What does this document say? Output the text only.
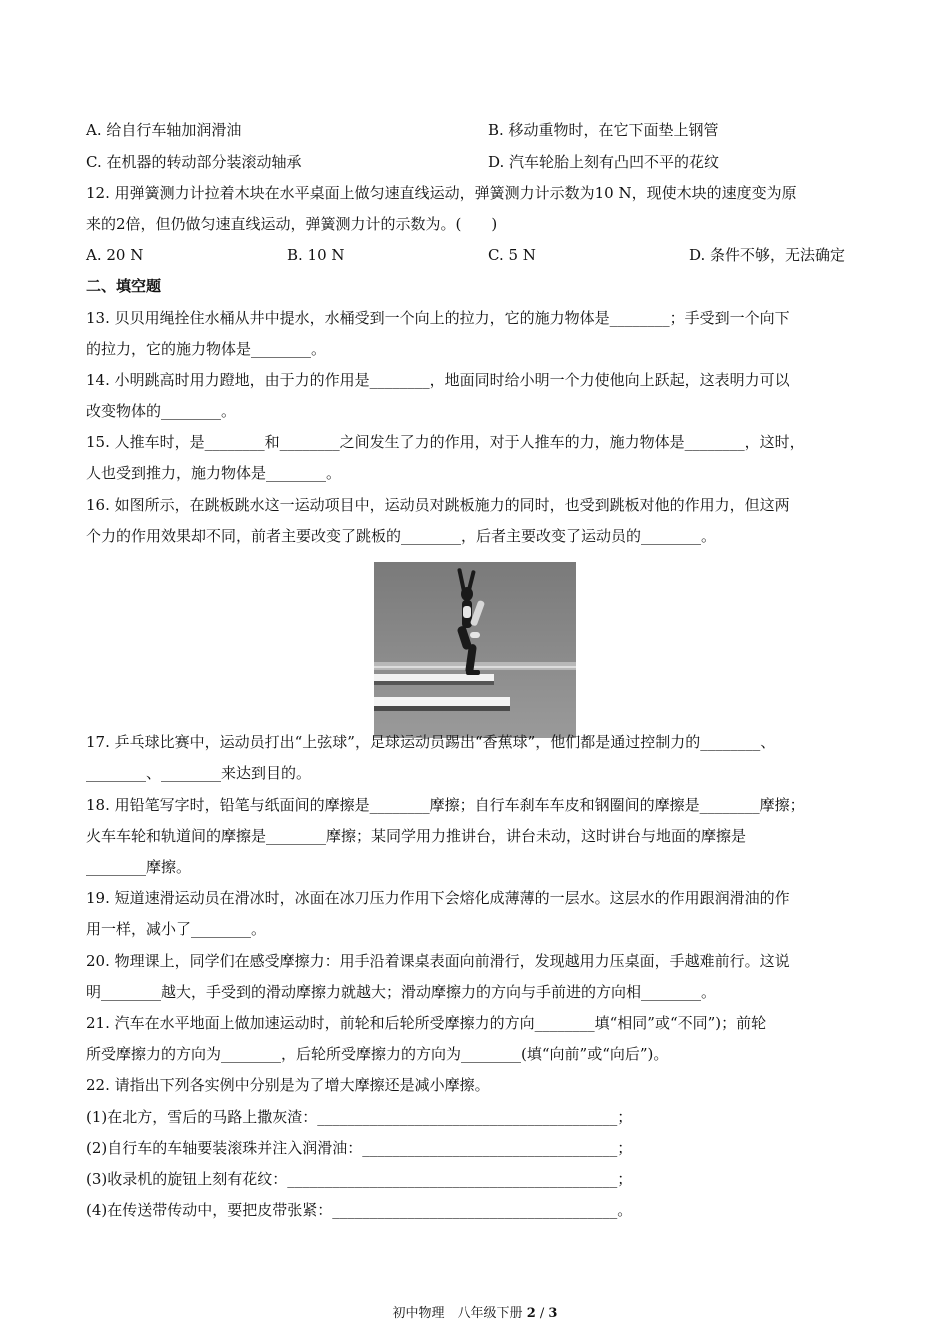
A. 给自行车轴加润滑油	B. 移动重物时，在它下面垫上钢管
C. 在机器的转动部分装滚动轴承	D. 汽车轮胎上刻有凸凹不平的花纹
12. 用弹簧测力计拉着木块在水平桌面上做匀速直线运动，弹簧测力计示数为10 N，现使木块的速度变为原
来的2倍，但仍做匀速直线运动，弹簧测力计的示数为。(　　)
A. 20 N	B. 10 N	C. 5 N	D. 条件不够，无法确定
二、填空题
13. 贝贝用绳拴住水桶从井中提水，水桶受到一个向上的拉力，它的施力物体是________；手受到一个向下
的拉力，它的施力物体是________。
14. 小明跳高时用力蹬地，由于力的作用是________，地面同时给小明一个力使他向上跃起，这表明力可以
改变物体的________。
15. 人推车时，是________和________之间发生了力的作用，对于人推车的力，施力物体是________，这时，
人也受到推力，施力物体是________。
16. 如图所示，在跳板跳水这一运动项目中，运动员对跳板施力的同时，也受到跳板对他的作用力，但这两
个力的作用效果却不同，前者主要改变了跳板的________，后者主要改变了运动员的________。
17. 乒乓球比赛中，运动员打出“上弦球”，足球运动员踢出“香蕉球”，他们都是通过控制力的________、
________、________来达到目的。
18. 用铅笔写字时，铅笔与纸面间的摩擦是________摩擦；自行车刹车车皮和钢圈间的摩擦是________摩擦；
火车车轮和轨道间的摩擦是________摩擦；某同学用力推讲台，讲台未动，这时讲台与地面的摩擦是
________摩擦。
19. 短道速滑运动员在滑冰时，冰面在冰刀压力作用下会熔化成薄薄的一层水。这层水的作用跟润滑油的作
用一样，减小了________。
20. 物理课上，同学们在感受摩擦力：用手沿着课桌表面向前滑行，发现越用力压桌面，手越难前行。这说
明________越大，手受到的滑动摩擦力就越大；滑动摩擦力的方向与手前进的方向相________。
21. 汽车在水平地面上做加速运动时，前轮和后轮所受摩擦力的方向________填“相同”或“不同”)；前轮
所受摩擦力的方向为________，后轮所受摩擦力的方向为________(填“向前”或“向后”)。
22. 请指出下列各实例中分别是为了增大摩擦还是减小摩擦。
(1)在北方，雪后的马路上撒灰渣：________________________________________；
(2)自行车的车轴要装滚珠并注入润滑油：__________________________________；
(3)收录机的旋钮上刻有花纹：____________________________________________；
(4)在传送带传动中，要把皮带张紧：______________________________________。
初中物理　八年级下册 2 / 3
